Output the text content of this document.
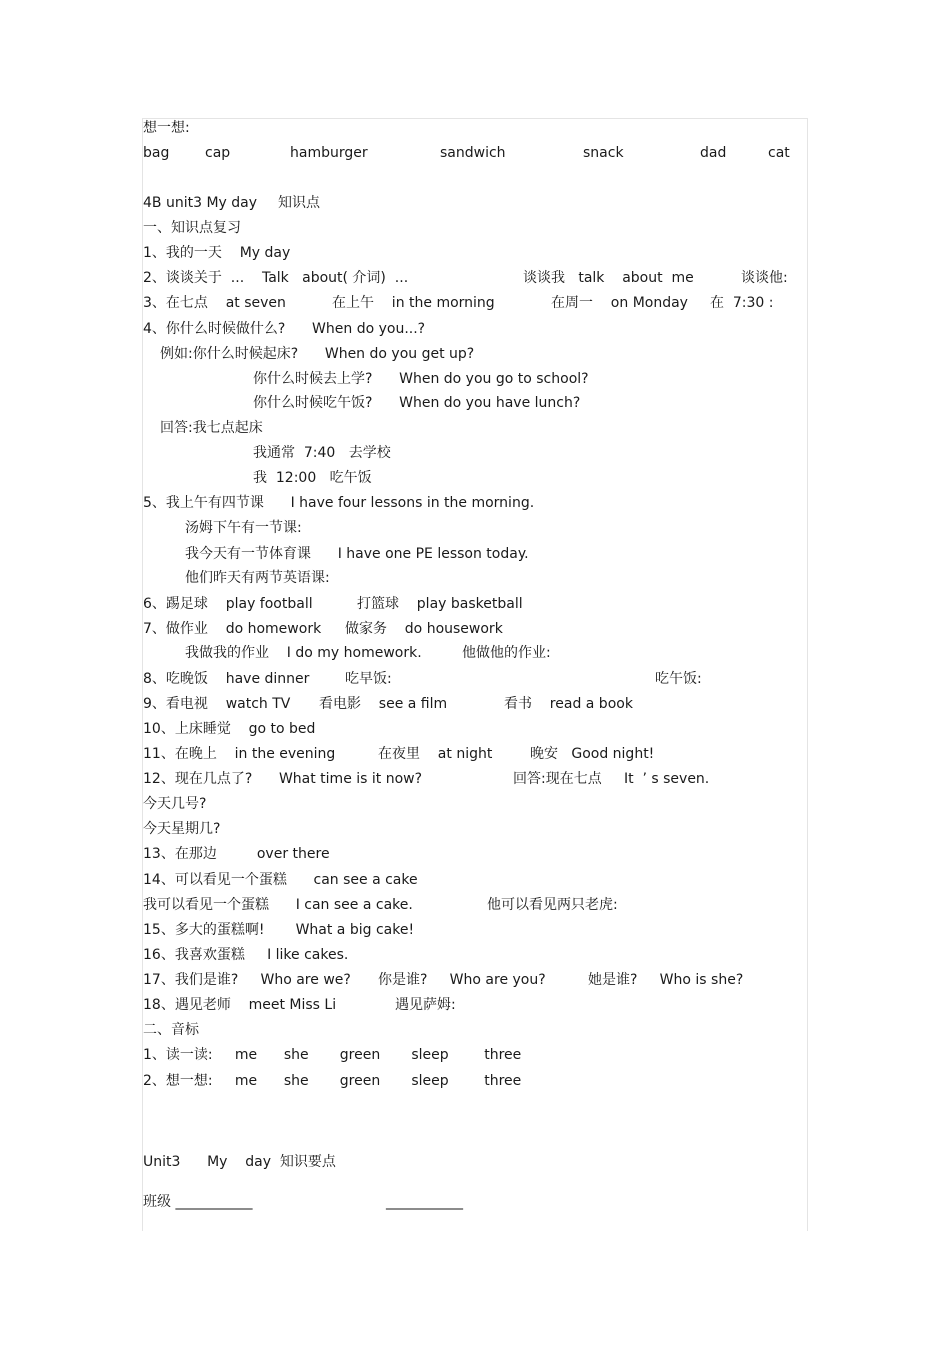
想一想:
bag	cap	hamburger	sandwich	snack	dad	cat
4B unit3 My day 知识点
一、知识点复习
1、我的一天    My day
2、谈谈关于  ...    Talk   about( 介词)  ...	谈谈我   talk    about  me	谈谈他:
3、在七点    at seven	在上午    in the morning	在周一    on Monday 在  7:30 :
4、你什么时候做什么?      When do you...?
例如:你什么时候起床?      When do you get up?
你什么时候去上学?      When do you go to school?
你什么时候吃午饭?      When do you have lunch?
回答:我七点起床
我通常  7:40   去学校
我  12:00   吃午饭
5、我上午有四节课      I have four lessons in the morning.
汤姆下午有一节课:
我今天有一节体育课      I have one PE lesson today.
他们昨天有两节英语课:
6、踢足球    play football	打篮球    play basketball
7、做作业    do homework 做家务    do housework
我做我的作业    I do my homework.	他做他的作业:
8、吃晚饭    have dinner	吃早饭:	吃午饭:
9、看电视    watch TV 看电影    see a film	看书    read a book
10、上床睡觉    go to bed
11、在晚上    in the evening	在夜里    at night	晚安   Good night!
12、现在几点了?      What time is it now?	回答:现在七点     It  ’ s seven.
今天几号?
今天星期几?
13、在那边         over there
14、可以看见一个蛋糕      can see a cake
我可以看见一个蛋糕      I can see a cake.	他可以看见两只老虎:
15、多大的蛋糕啊!       What a big cake!
16、我喜欢蛋糕     I like cakes.
17、我们是谁?     Who are we? 你是谁?     Who are you?	她是谁?     Who is she?
18、遇见老师    meet Miss Li	遇见萨姆:
二、音标
1、读一读:     me      she       green       sleep        three
2、想一想:     me      she       green       sleep        three
Unit3      My    day  知识要点
班级 ___________	___________
